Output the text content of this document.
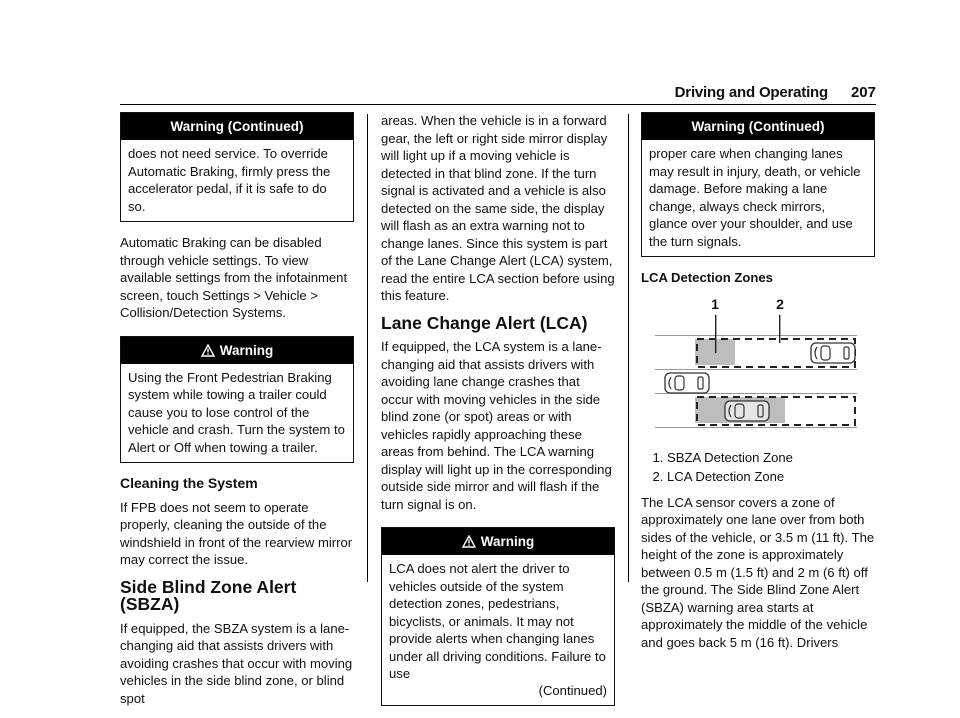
Driving and Operating 207
Warning (Continued)
does not need service. To override Automatic Braking, firmly press the accelerator pedal, if it is safe to do so.

Automatic Braking can be disabled through vehicle settings. To view available settings from the infotainment screen, touch Settings > Vehicle > Collision/Detection Systems.

Warning
Using the Front Pedestrian Braking system while towing a trailer could cause you to lose control of the vehicle and crash. Turn the system to Alert or Off when towing a trailer.
Cleaning the System

If FPB does not seem to operate properly, cleaning the outside of the windshield in front of the rearview mirror may correct the issue.

Side Blind Zone Alert (SBZA)

If equipped, the SBZA system is a lane-changing aid that assists drivers with avoiding crashes that occur with moving vehicles in the side blind zone, or blind spot

areas. When the vehicle is in a forward gear, the left or right side mirror display will light up if a moving vehicle is detected in that blind zone. If the turn signal is activated and a vehicle is also detected on the same side, the display will flash as an extra warning not to change lanes. Since this system is part of the Lane Change Alert (LCA) system, read the entire LCA section before using this feature.

Lane Change Alert (LCA)

If equipped, the LCA system is a lane-changing aid that assists drivers with avoiding lane change crashes that occur with moving vehicles in the side blind zone (or spot) areas or with vehicles rapidly approaching these areas from behind. The LCA warning display will light up in the corresponding outside side mirror and will flash if the turn signal is on.

Warning
LCA does not alert the driver to vehicles outside of the system detection zones, pedestrians, bicyclists, or animals. It may not provide alerts when changing lanes under all driving conditions. Failure to use
(Continued)
Warning (Continued)
proper care when changing lanes may result in injury, death, or vehicle damage. Before making a lane change, always check mirrors, glance over your shoulder, and use the turn signals.

LCA Detection Zones

1	2
1. SBZA Detection Zone
2. LCA Detection Zone

The LCA sensor covers a zone of approximately one lane over from both sides of the vehicle, or 3.5 m (11 ft). The height of the zone is approximately between 0.5 m (1.5 ft) and 2 m (6 ft) off the ground. The Side Blind Zone Alert (SBZA) warning area starts at approximately the middle of the vehicle and goes back 5 m (16 ft). Drivers
